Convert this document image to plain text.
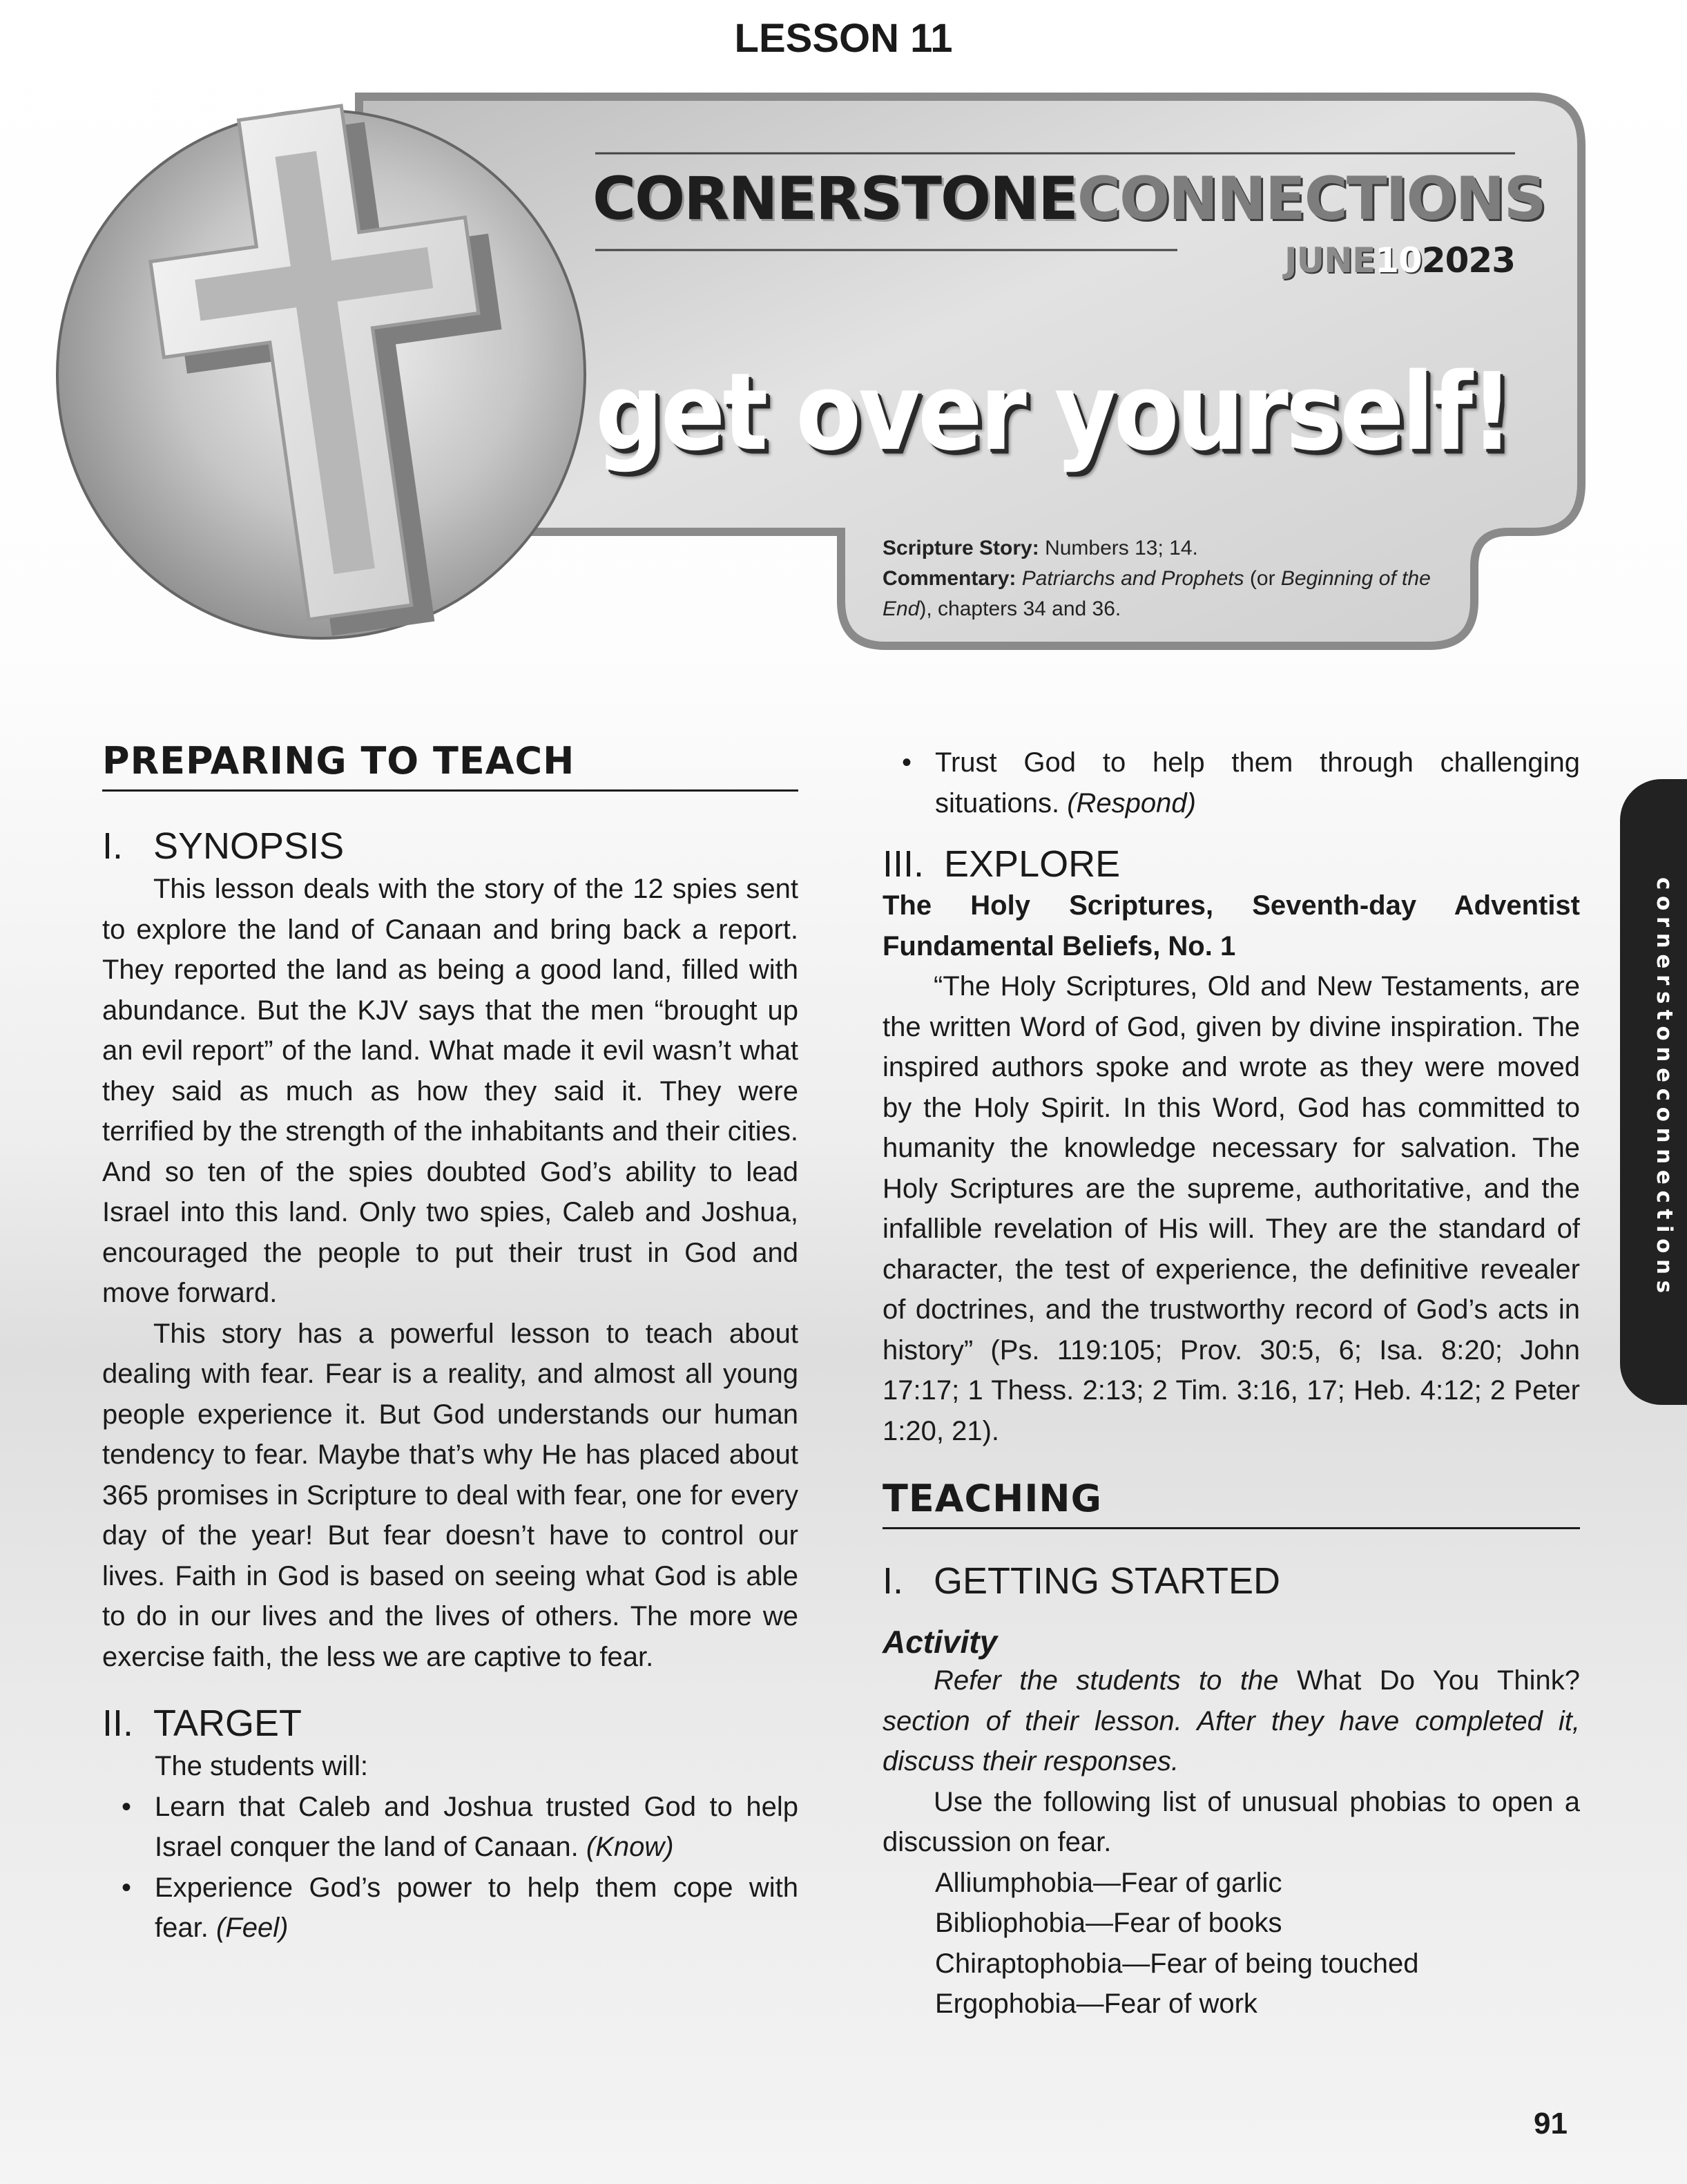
LESSON 11
CORNERSTONECONNECTIONS
JUNE102023
get over yourself!
Scripture Story: Numbers 13; 14.
Commentary: Patriarchs and Prophets (or Beginning of the End), chapters 34 and 36.
PREPARING TO TEACH
I. SYNOPSIS

This lesson deals with the story of the 12 spies sent to explore the land of Canaan and bring back a report. They reported the land as being a good land, filled with abundance. But the KJV says that the men “brought up an evil report” of the land. What made it evil wasn’t what they said as much as how they said it. They were terrified by the strength of the inhabitants and their cities. And so ten of the spies doubted God’s ability to lead Israel into this land. Only two spies, Caleb and Joshua, encouraged the people to put their trust in God and move forward.

This story has a powerful lesson to teach about dealing with fear. Fear is a reality, and almost all young people experience it. But God understands our human tendency to fear. Maybe that’s why He has placed about 365 promises in Scripture to deal with fear, one for every day of the year! But fear doesn’t have to control our lives. Faith in God is based on seeing what God is able to do in our lives and the lives of others. The more we exercise faith, the less we are captive to fear.

II. TARGET

The students will:

• Learn that Caleb and Joshua trusted God to help Israel conquer the land of Canaan. (Know)
• Experience God’s power to help them cope with fear. (Feel)
• Trust God to help them through challenging situations. (Respond)
III. EXPLORE
The Holy Scriptures, Seventh-day Adventist Fundamental Beliefs, No. 1

“The Holy Scriptures, Old and New Testaments, are the written Word of God, given by divine inspiration. The inspired authors spoke and wrote as they were moved by the Holy Spirit. In this Word, God has committed to humanity the knowledge necessary for salvation. The Holy Scriptures are the supreme, authoritative, and the infallible revelation of His will. They are the standard of character, the test of experience, the definitive revealer of doctrines, and the trustworthy record of God’s acts in history” (Ps. 119:105; Prov. 30:5, 6; Isa. 8:20; John 17:17; 1 Thess. 2:13; 2 Tim. 3:16, 17; Heb. 4:12; 2 Peter 1:20, 21).

TEACHING
I. GETTING STARTED
Activity

Refer the students to the What Do You Think? section of their lesson. After they have completed it, discuss their responses.

Use the following list of unusual phobias to open a discussion on fear.

Alliumphobia—Fear of garlic
Bibliophobia—Fear of books
Chiraptophobia—Fear of being touched
Ergophobia—Fear of work
cornerstoneconnections
91
